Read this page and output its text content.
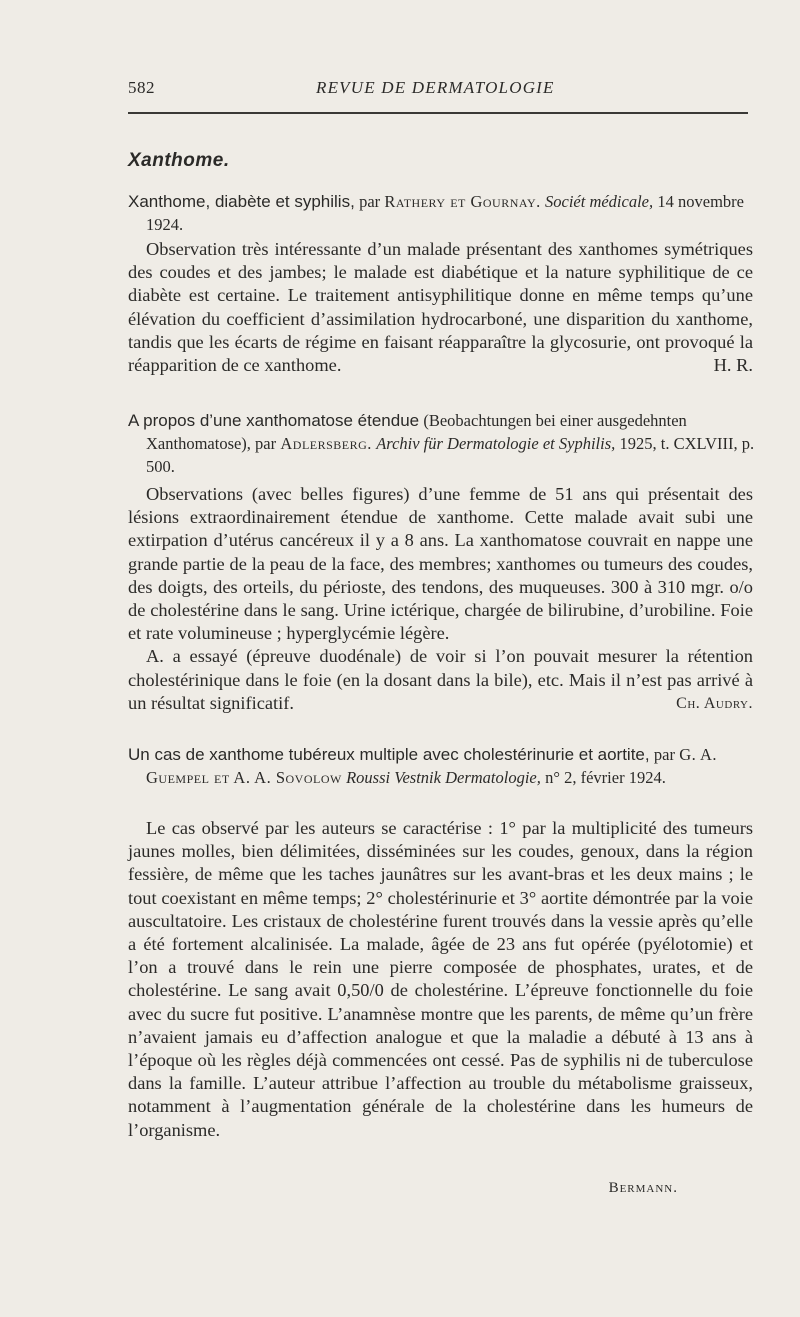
582	REVUE DE DERMATOLOGIE
Xanthome.
Xanthome, diabète et syphilis, par Rathery et Gournay. Sociét médicale, 14 novembre 1924.

Observation très intéressante d’un malade présentant des xanthomes symétriques des coudes et des jambes; le malade est diabétique et la nature syphilitique de ce diabète est certaine. Le traitement antisyphilitique donne en même temps qu’une élévation du coefficient d’assimilation hydrocarboné, une disparition du xanthome, tandis que les écarts de régime en faisant réapparaître la glycosurie, ont provoqué la réapparition de ce xanthome.	H. R.

A propos d’une xanthomatose étendue (Beobachtungen bei einer ausgedehnten Xanthomatose), par Adlersberg. Archiv für Dermatologie et Syphilis, 1925, t. CXLVIII, p. 500.

Observations (avec belles figures) d’une femme de 51 ans qui présentait des lésions extraordinairement étendue de xanthome. Cette malade avait subi une extirpation d’utérus cancéreux il y a 8 ans. La xanthomatose couvrait en nappe une grande partie de la peau de la face, des membres; xanthomes ou tumeurs des coudes, des doigts, des orteils, du périoste, des tendons, des muqueuses. 300 à 310 mgr. o/o de cholestérine dans le sang. Urine ictérique, chargée de bilirubine, d’urobiline. Foie et rate volumineuse ; hyperglycémie légère.

A. a essayé (épreuve duodénale) de voir si l’on pouvait mesurer la rétention cholestérinique dans le foie (en la dosant dans la bile), etc. Mais il n’est pas arrivé à un résultat significatif.	Ch. Audry.

Un cas de xanthome tubéreux multiple avec cholestérinurie et aortite, par G. A. Guempel et A. A. Sovolow Roussi Vestnik Dermatologie, n° 2, février 1924.

Le cas observé par les auteurs se caractérise : 1° par la multiplicité des tumeurs jaunes molles, bien délimitées, disséminées sur les coudes, genoux, dans la région fessière, de même que les taches jaunâtres sur les avant-bras et les deux mains ; le tout coexistant en même temps; 2° cholestérinurie et 3° aortite démontrée par la voie auscultatoire. Les cristaux de cholestérine furent trouvés dans la vessie après qu’elle a été fortement alcalinisée. La malade, âgée de 23 ans fut opérée (pyélotomie) et l’on a trouvé dans le rein une pierre composée de phosphates, urates, et de cholestérine. Le sang avait 0,50/0 de cholestérine. L’épreuve fonctionnelle du foie avec du sucre fut positive. L’anamnèse montre que les parents, de même qu’un frère n’avaient jamais eu d’affection analogue et que la maladie a débuté à 13 ans à l’époque où les règles déjà commencées ont cessé. Pas de syphilis ni de tuberculose dans la famille. L’auteur attribue l’affection au trouble du métabolisme graisseux, notamment à l’augmentation générale de la cholestérine dans les humeurs de l’organisme.

Bermann.
